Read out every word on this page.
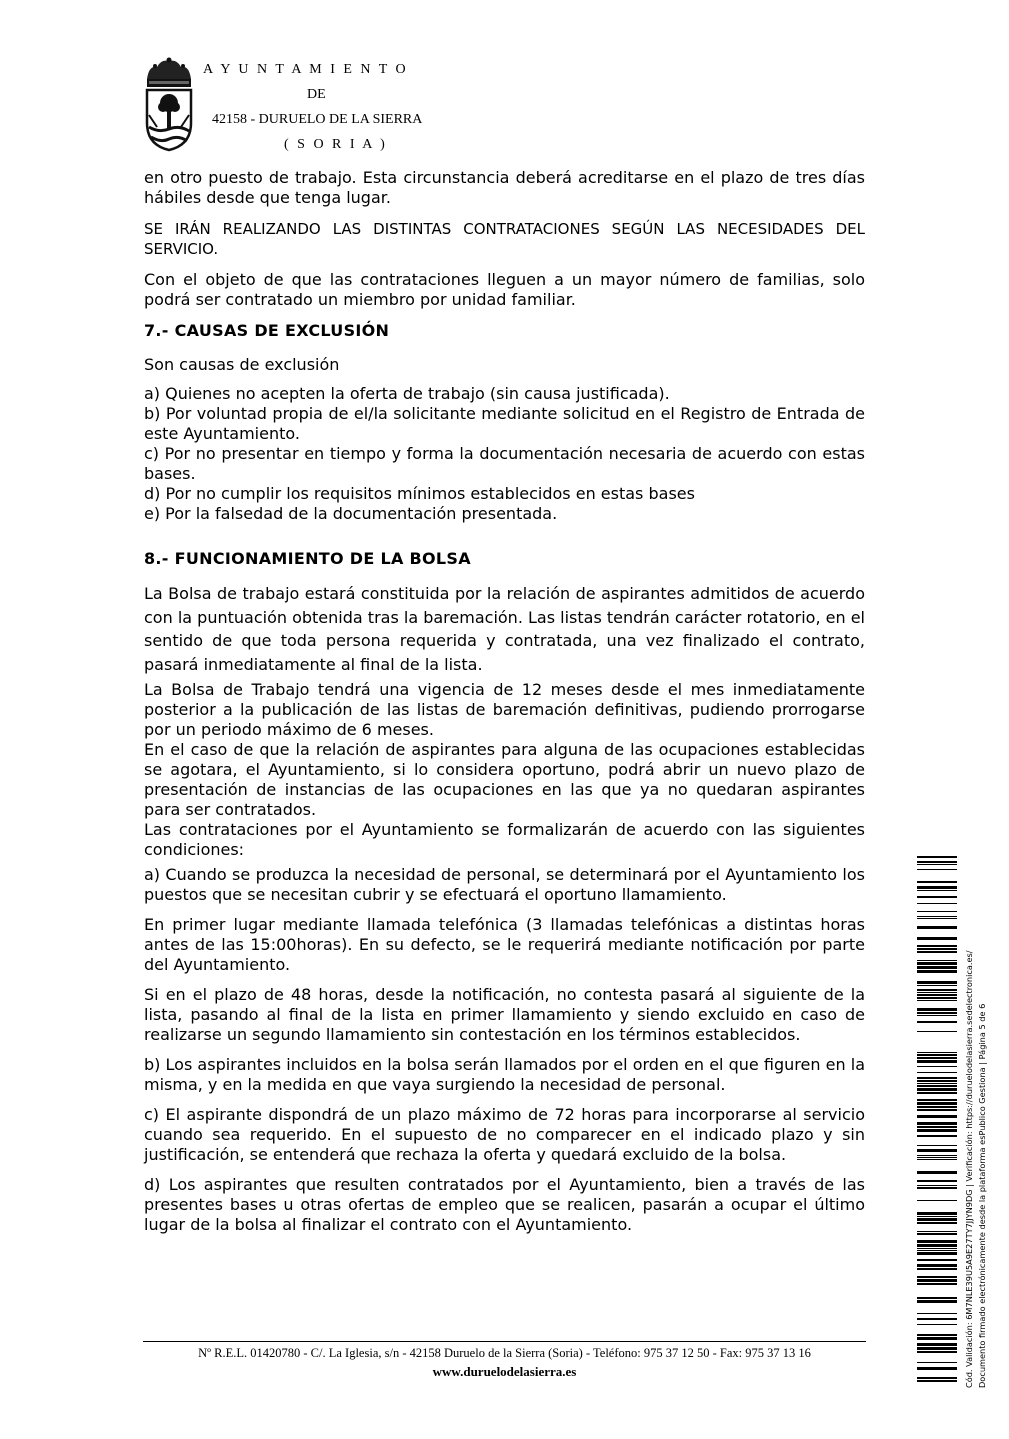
A Y U N T A M I E N T O
DE
42158 - DURUELO DE LA SIERRA
( S O R I A )

en otro puesto de trabajo. Esta circunstancia deberá acreditarse en el plazo de tres días hábiles desde que tenga lugar.

SE IRÁN REALIZANDO LAS DISTINTAS CONTRATACIONES SEGÚN LAS NECESIDADES DEL SERVICIO.

Con el objeto de que las contrataciones lleguen a un mayor número de familias, solo podrá ser contratado un miembro por unidad familiar.

7.- CAUSAS DE EXCLUSIÓN

Son causas de exclusión

a) Quienes no acepten la oferta de trabajo (sin causa justificada).

b) Por voluntad propia de el/la solicitante mediante solicitud en el Registro de Entrada de este Ayuntamiento.

c) Por no presentar en tiempo y forma la documentación necesaria de acuerdo con estas bases.

d) Por no cumplir los requisitos mínimos establecidos en estas bases

e) Por la falsedad de la documentación presentada.

8.- FUNCIONAMIENTO DE LA BOLSA

La Bolsa de trabajo estará constituida por la relación de aspirantes admitidos de acuerdo con la puntuación obtenida tras la baremación. Las listas tendrán carácter rotatorio, en el sentido de que toda persona requerida y contratada, una vez finalizado el contrato, pasará inmediatamente al final de la lista.

La Bolsa de Trabajo tendrá una vigencia de 12 meses desde el mes inmediatamente posterior a la publicación de las listas de baremación definitivas, pudiendo prorrogarse por un periodo máximo de 6 meses.

En el caso de que la relación de aspirantes para alguna de las ocupaciones establecidas se agotara, el Ayuntamiento, si lo considera oportuno, podrá abrir un nuevo plazo de presentación de instancias de las ocupaciones en las que ya no quedaran aspirantes para ser contratados.

Las contrataciones por el Ayuntamiento se formalizarán de acuerdo con las siguientes condiciones:

a) Cuando se produzca la necesidad de personal, se determinará por el Ayuntamiento los puestos que se necesitan cubrir y se efectuará el oportuno llamamiento.

En primer lugar mediante llamada telefónica (3 llamadas telefónicas a distintas horas antes de las 15:00horas). En su defecto, se le requerirá mediante notificación por parte del Ayuntamiento.

Si en el plazo de 48 horas, desde la notificación, no contesta pasará al siguiente de la lista, pasando al final de la lista en primer llamamiento y siendo excluido en caso de realizarse un segundo llamamiento sin contestación en los términos establecidos.

b) Los aspirantes incluidos en la bolsa serán llamados por el orden en el que figuren en la misma, y en la medida en que vaya surgiendo la necesidad de personal.

c) El aspirante dispondrá de un plazo máximo de 72 horas para incorporarse al servicio cuando sea requerido. En el supuesto de no comparecer en el indicado plazo y sin justificación, se entenderá que rechaza la oferta y quedará excluido de la bolsa.

d) Los aspirantes que resulten contratados por el Ayuntamiento, bien a través de las presentes bases u otras ofertas de empleo que se realicen, pasarán a ocupar el último lugar de la bolsa al finalizar el contrato con el Ayuntamiento.

Nº R.E.L. 01420780 - C/. La Iglesia, s/n - 42158 Duruelo de la Sierra (Soria) - Teléfono: 975 37 12 50 - Fax: 975 37 13 16
www.duruelodelasierra.es	Cód. Validación: 6M7NLE39U5A9E27TY7JJYN9DG | Verificación: https://duruelodelasierra.sedelectronica.es/ Documento firmado electrónicamente desde la plataforma esPublico Gestiona | Página 5 de 6
